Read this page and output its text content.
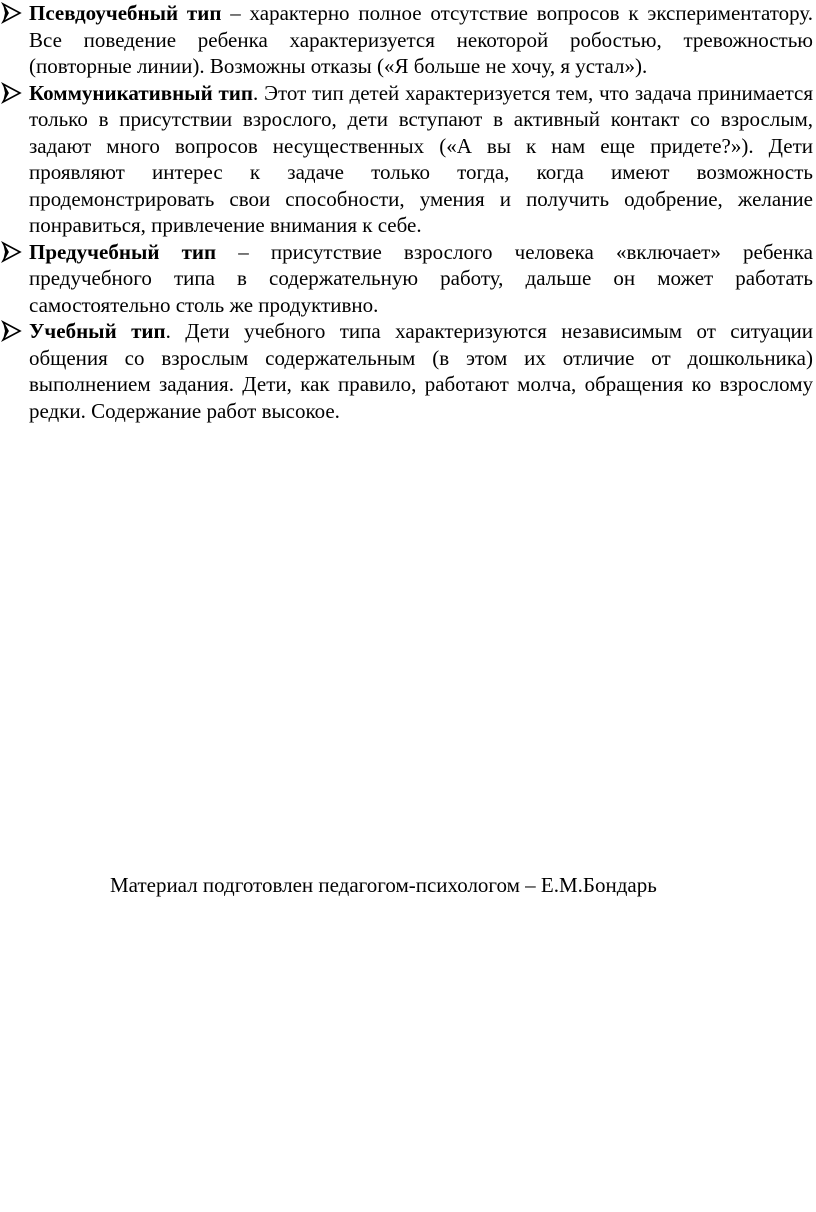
Псевдоучебный тип – характерно полное отсутствие вопросов к экспериментатору. Все поведение ребенка характеризуется некоторой робостью, тревожностью (повторные линии). Возможны отказы («Я больше не хочу, я устал»).
Коммуникативный тип. Этот тип детей характеризуется тем, что задача принимается только в присутствии взрослого, дети вступают в активный контакт со взрослым, задают много вопросов несущественных («А вы к нам еще придете?»). Дети проявляют интерес к задаче только тогда, когда имеют возможность продемонстрировать свои способности, умения и получить одобрение, желание понравиться, привлечение внимания к себе.
Предучебный тип – присутствие взрослого человека «включает» ребенка предучебного типа в содержательную работу, дальше он может работать самостоятельно столь же продуктивно.
Учебный тип. Дети учебного типа характеризуются независимым от ситуации общения со взрослым содержательным (в этом их отличие от дошкольника) выполнением задания. Дети, как правило, работают молча, обращения ко взрослому редки. Содержание работ высокое.
Материал подготовлен педагогом-психологом – Е.М.Бондарь
